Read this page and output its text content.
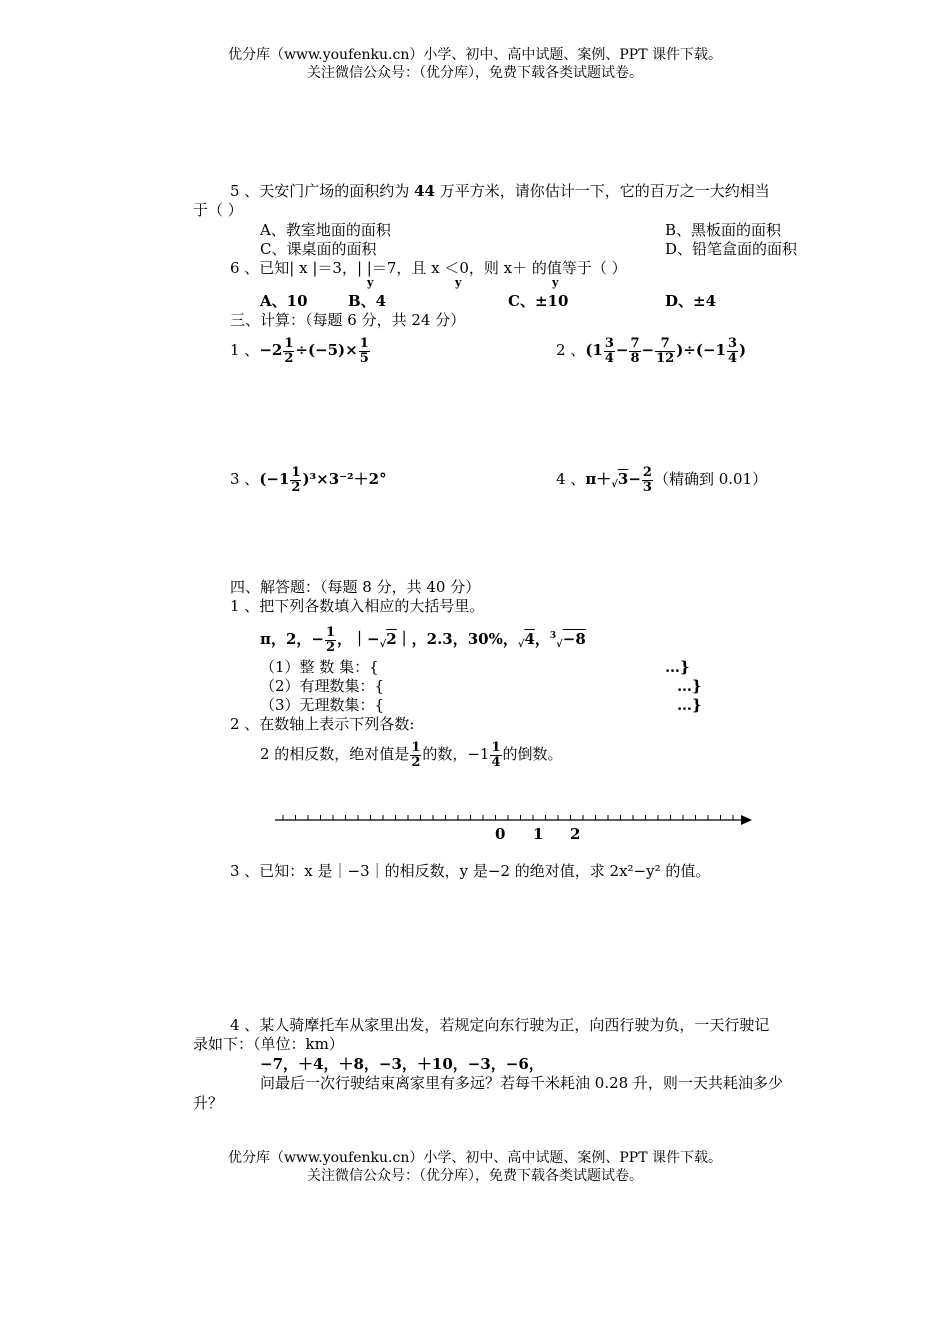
优分库（www.youfenku.cn）小学、初中、高中试题、案例、PPT 课件下载。
关注微信公众号：（优分库），免费下载各类试题试卷。
5 、天安门广场的面积约为 44 万平方米，请你估计一下，它的百万之一大约相当
于（ ）
A、教室地面的面积	B、黑板面的面积
C、课桌面的面积	D、铅笔盒面的面积
6 、已知| x |＝3，| |＝7，且 x ＜0，则 x＋ 的值等于（ ）
y	y	y
A、10	B、4	C、±10	D、±4
三、计算：（每题 6 分，共 24 分）
1 、$-2 \frac{1}{2} \div(-5)\times \frac{1}{5}$	2 、$(1 \frac{3}{4} - \frac{7}{8} - \frac{7}{12} )\div(-1 \frac{3}{4}$ )
3 、$(-1 \frac{1}{2} )^3\times 3^{-2}+2^\circ$	4 、$\pi+_√3- \frac{2}{3}$ （精确到 0.01）
四、解答题：（每题 8 分，共 40 分）
1 、把下列各数填入相应的大括号里。
π，2，− $\frac{1}{2}$ ，$|-_√2|$，2.3，30%，$_√$4，$^3_√$−8
（1）整 数 集：{	…}
（2）有理数集：{	…}
（3）无理数集：{	…}
2 、在数轴上表示下列各数:
2 的相反数，绝对值是 $\frac{1}{2}$ 的数，$-1 \frac{1}{4}$ 的倒数。
0 1 2
3 、已知：x 是｜−3｜的相反数，y 是−2 的绝对值，求 2x²−y² 的值。
4 、某人骑摩托车从家里出发，若规定向东行驶为正，向西行驶为负，一天行驶记
录如下：（单位：km）
−7，＋4，＋8，−3，＋10，−3，−6，
问最后一次行驶结束离家里有多远？若每千米耗油 0.28 升，则一天共耗油多少
升？
优分库（www.youfenku.cn）小学、初中、高中试题、案例、PPT 课件下载。
关注微信公众号：（优分库），免费下载各类试题试卷。
